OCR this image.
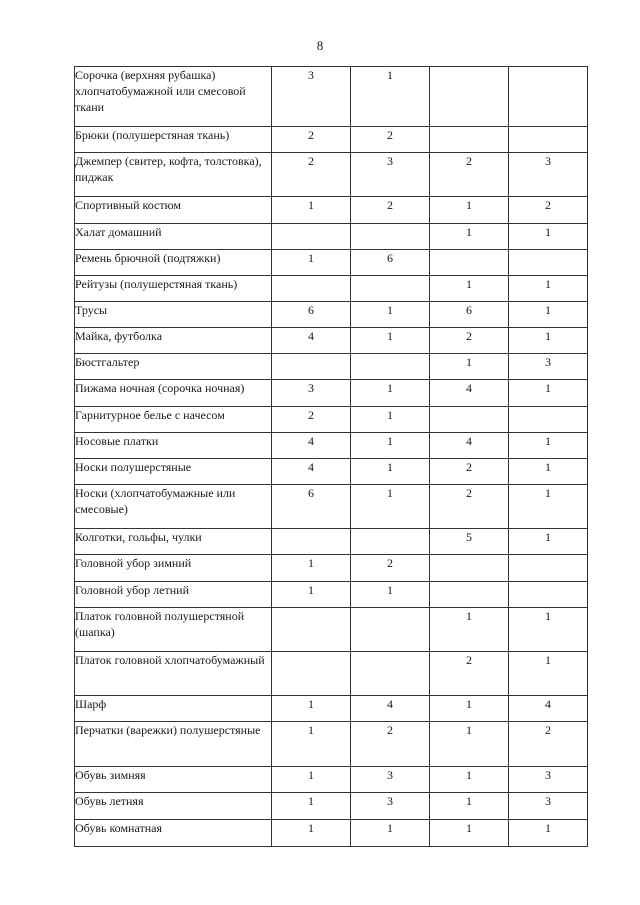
8
Сорочка (верхняя рубашка) хлопчатобумажной или смесовой ткани	3	1		

Брюки (полушерстяная ткань)	2	2		

Джемпер (свитер, кофта, толстовка), пиджак	2	3	2	3

Спортивный костюм	1	2	1	2

Халат домашний			1	1

Ремень брючной (подтяжки)	1	6		

Рейтузы (полушерстяная ткань)			1	1

Трусы	6	1	6	1

Майка, футболка	4	1	2	1

Бюстгальтер			1	3

Пижама ночная (сорочка ночная)	3	1	4	1

Гарнитурное белье с начесом	2	1		

Носовые платки	4	1	4	1

Носки полушерстяные	4	1	2	1

Носки (хлопчатобумажные или смесовые)	6	1	2	1

Колготки, гольфы, чулки			5	1

Головной убор зимний	1	2		

Головной убор летний	1	1		

Платок головной полушерстяной (шапка)			1	1

Платок головной хлопчатобумажный			2	1

Шарф	1	4	1	4

Перчатки (варежки) полушерстяные	1	2	1	2

Обувь зимняя	1	3	1	3

Обувь летняя	1	3	1	3

Обувь комнатная	1	1	1	1
